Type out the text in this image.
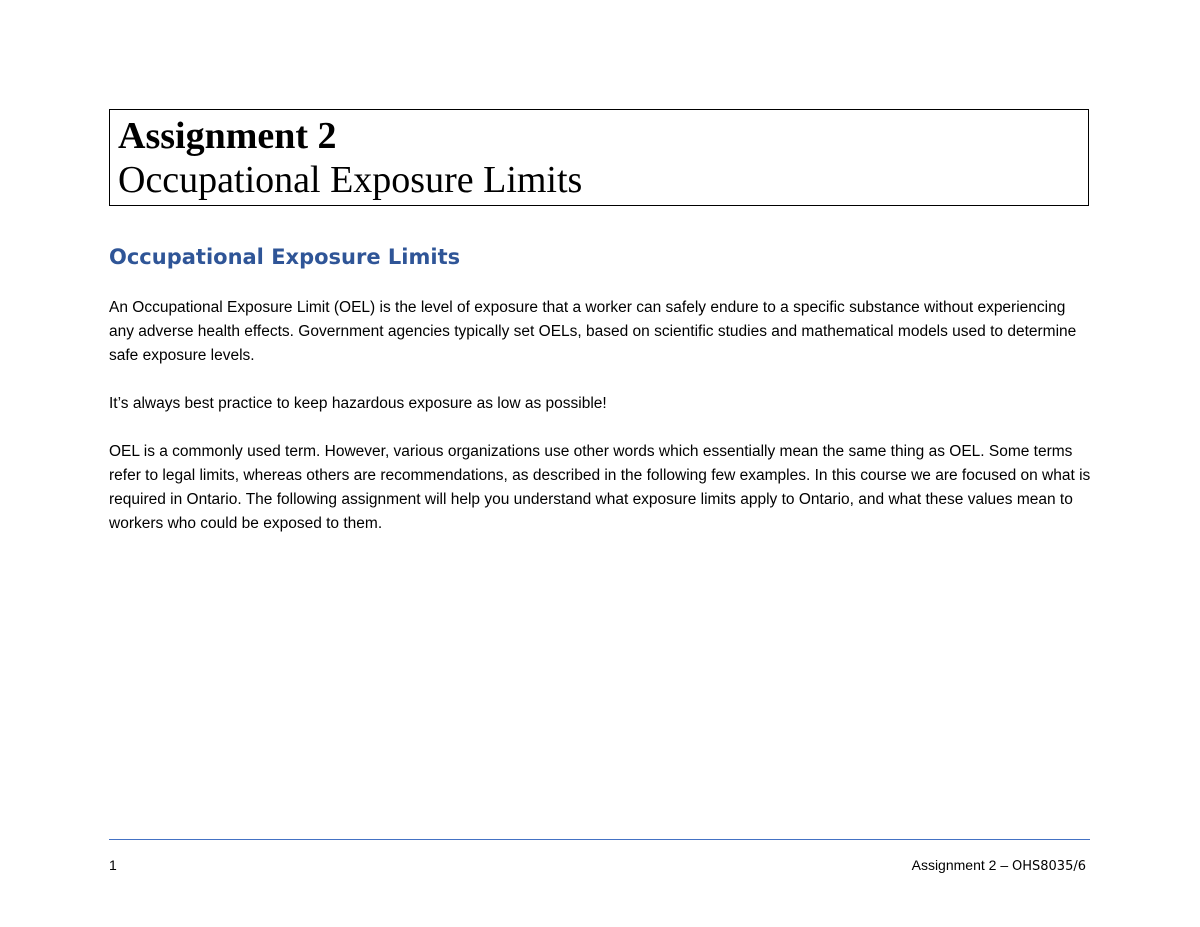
Assignment 2
Occupational Exposure Limits
Occupational Exposure Limits

An Occupational Exposure Limit (OEL) is the level of exposure that a worker can safely endure to a specific substance without experiencing any adverse health effects. Government agencies typically set OELs, based on scientific studies and mathematical models used to determine safe exposure levels.

It’s always best practice to keep hazardous exposure as low as possible!

OEL is a commonly used term. However, various organizations use other words which essentially mean the same thing as OEL. Some terms refer to legal limits, whereas others are recommendations, as described in the following few examples. In this course we are focused on what is required in Ontario. The following assignment will help you understand what exposure limits apply to Ontario, and what these values mean to workers who could be exposed to them.

1	Assignment 2 – OHS8035/6
